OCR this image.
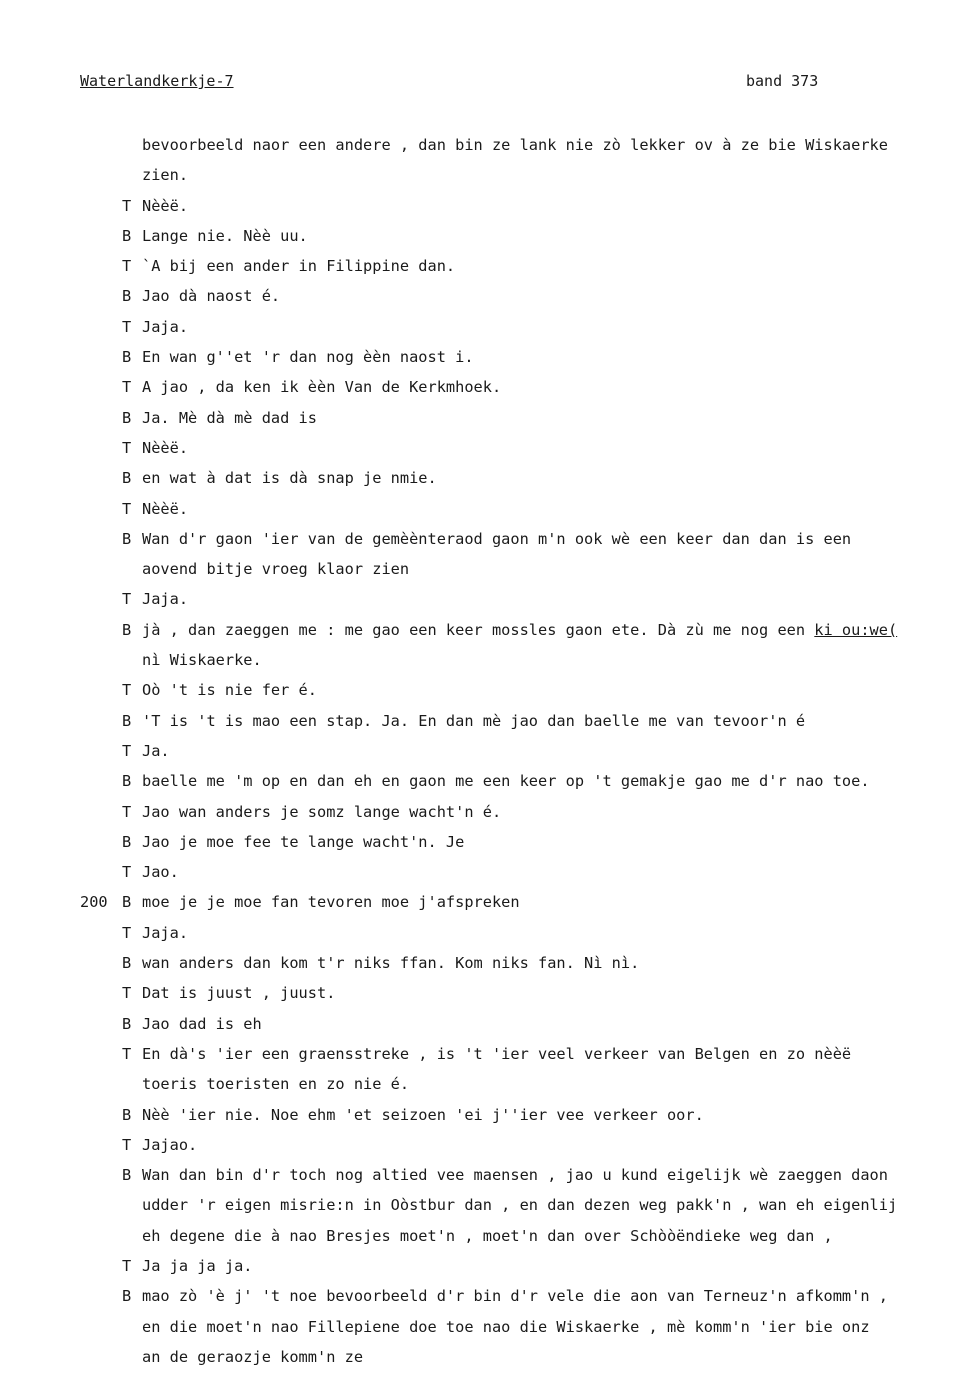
Waterlandkerkje-7	band 373
bevoorbeeld naor een andere , dan bin ze lank nie zò lekker ov à ze bie Wiskaerke
zien.
T Nèèë.
B Lange nie. Nèè uu.
T `A bij een ander in Filippine dan.
B Jao dà naost é.
T Jaja.
B En wan g''et 'r dan nog èèn naost i.
T A jao , da ken ik èèn Van de Kerkmhoek.
B Ja. Mè dà mè dad is
T Nèèë.
B en wat à dat is dà snap je nmie.
T Nèèë.
B Wan d'r gaon 'ier van de gemèènteraod gaon m'n ook wè een keer dan dan is een
aovend bitje vroeg klaor zien
T Jaja.
B jà , dan zaeggen me : me gao een keer mossles gaon ete. Dà zù me nog een ki ou:we(
nì Wiskaerke.
T Oò 't is nie fer é.
B 'T is 't is mao een stap. Ja. En dan mè jao dan baelle me van tevoor'n é
T Ja.
B baelle me 'm op en dan eh en gaon me een keer op 't gemakje gao me d'r nao toe.
T Jao wan anders je somz lange wacht'n é.
B Jao je moe fee te lange wacht'n. Je
T Jao.
200 B moe je je moe fan tevoren moe j'afspreken
T Jaja.
B wan anders dan kom t'r niks ffan. Kom niks fan. Nì nì.
T Dat is juust , juust.
B Jao dad is eh
T En dà's 'ier een graensstreke , is 't 'ier veel verkeer van Belgen en zo nèèë
toeris toeristen en zo nie é.
B Nèè 'ier nie. Noe ehm 'et seizoen 'ei j''ier vee verkeer oor.
T Jajao.
B Wan dan bin d'r toch nog altied vee maensen , jao u kund eigelijk wè zaeggen daon
udder 'r eigen misrie:n in Oòstbur dan , en dan dezen weg pakk'n , wan eh eigenlij
eh degene die à nao Bresjes moet'n , moet'n dan over Schòòëndieke weg dan ,
T Ja ja ja ja.
B mao zò 'è j' 't noe bevoorbeeld d'r bin d'r vele die aon van Terneuz'n afkomm'n ,
en die moet'n nao Fillepiene doe toe nao die Wiskaerke , mè komm'n 'ier bie onz
an de geraozje komm'n ze
